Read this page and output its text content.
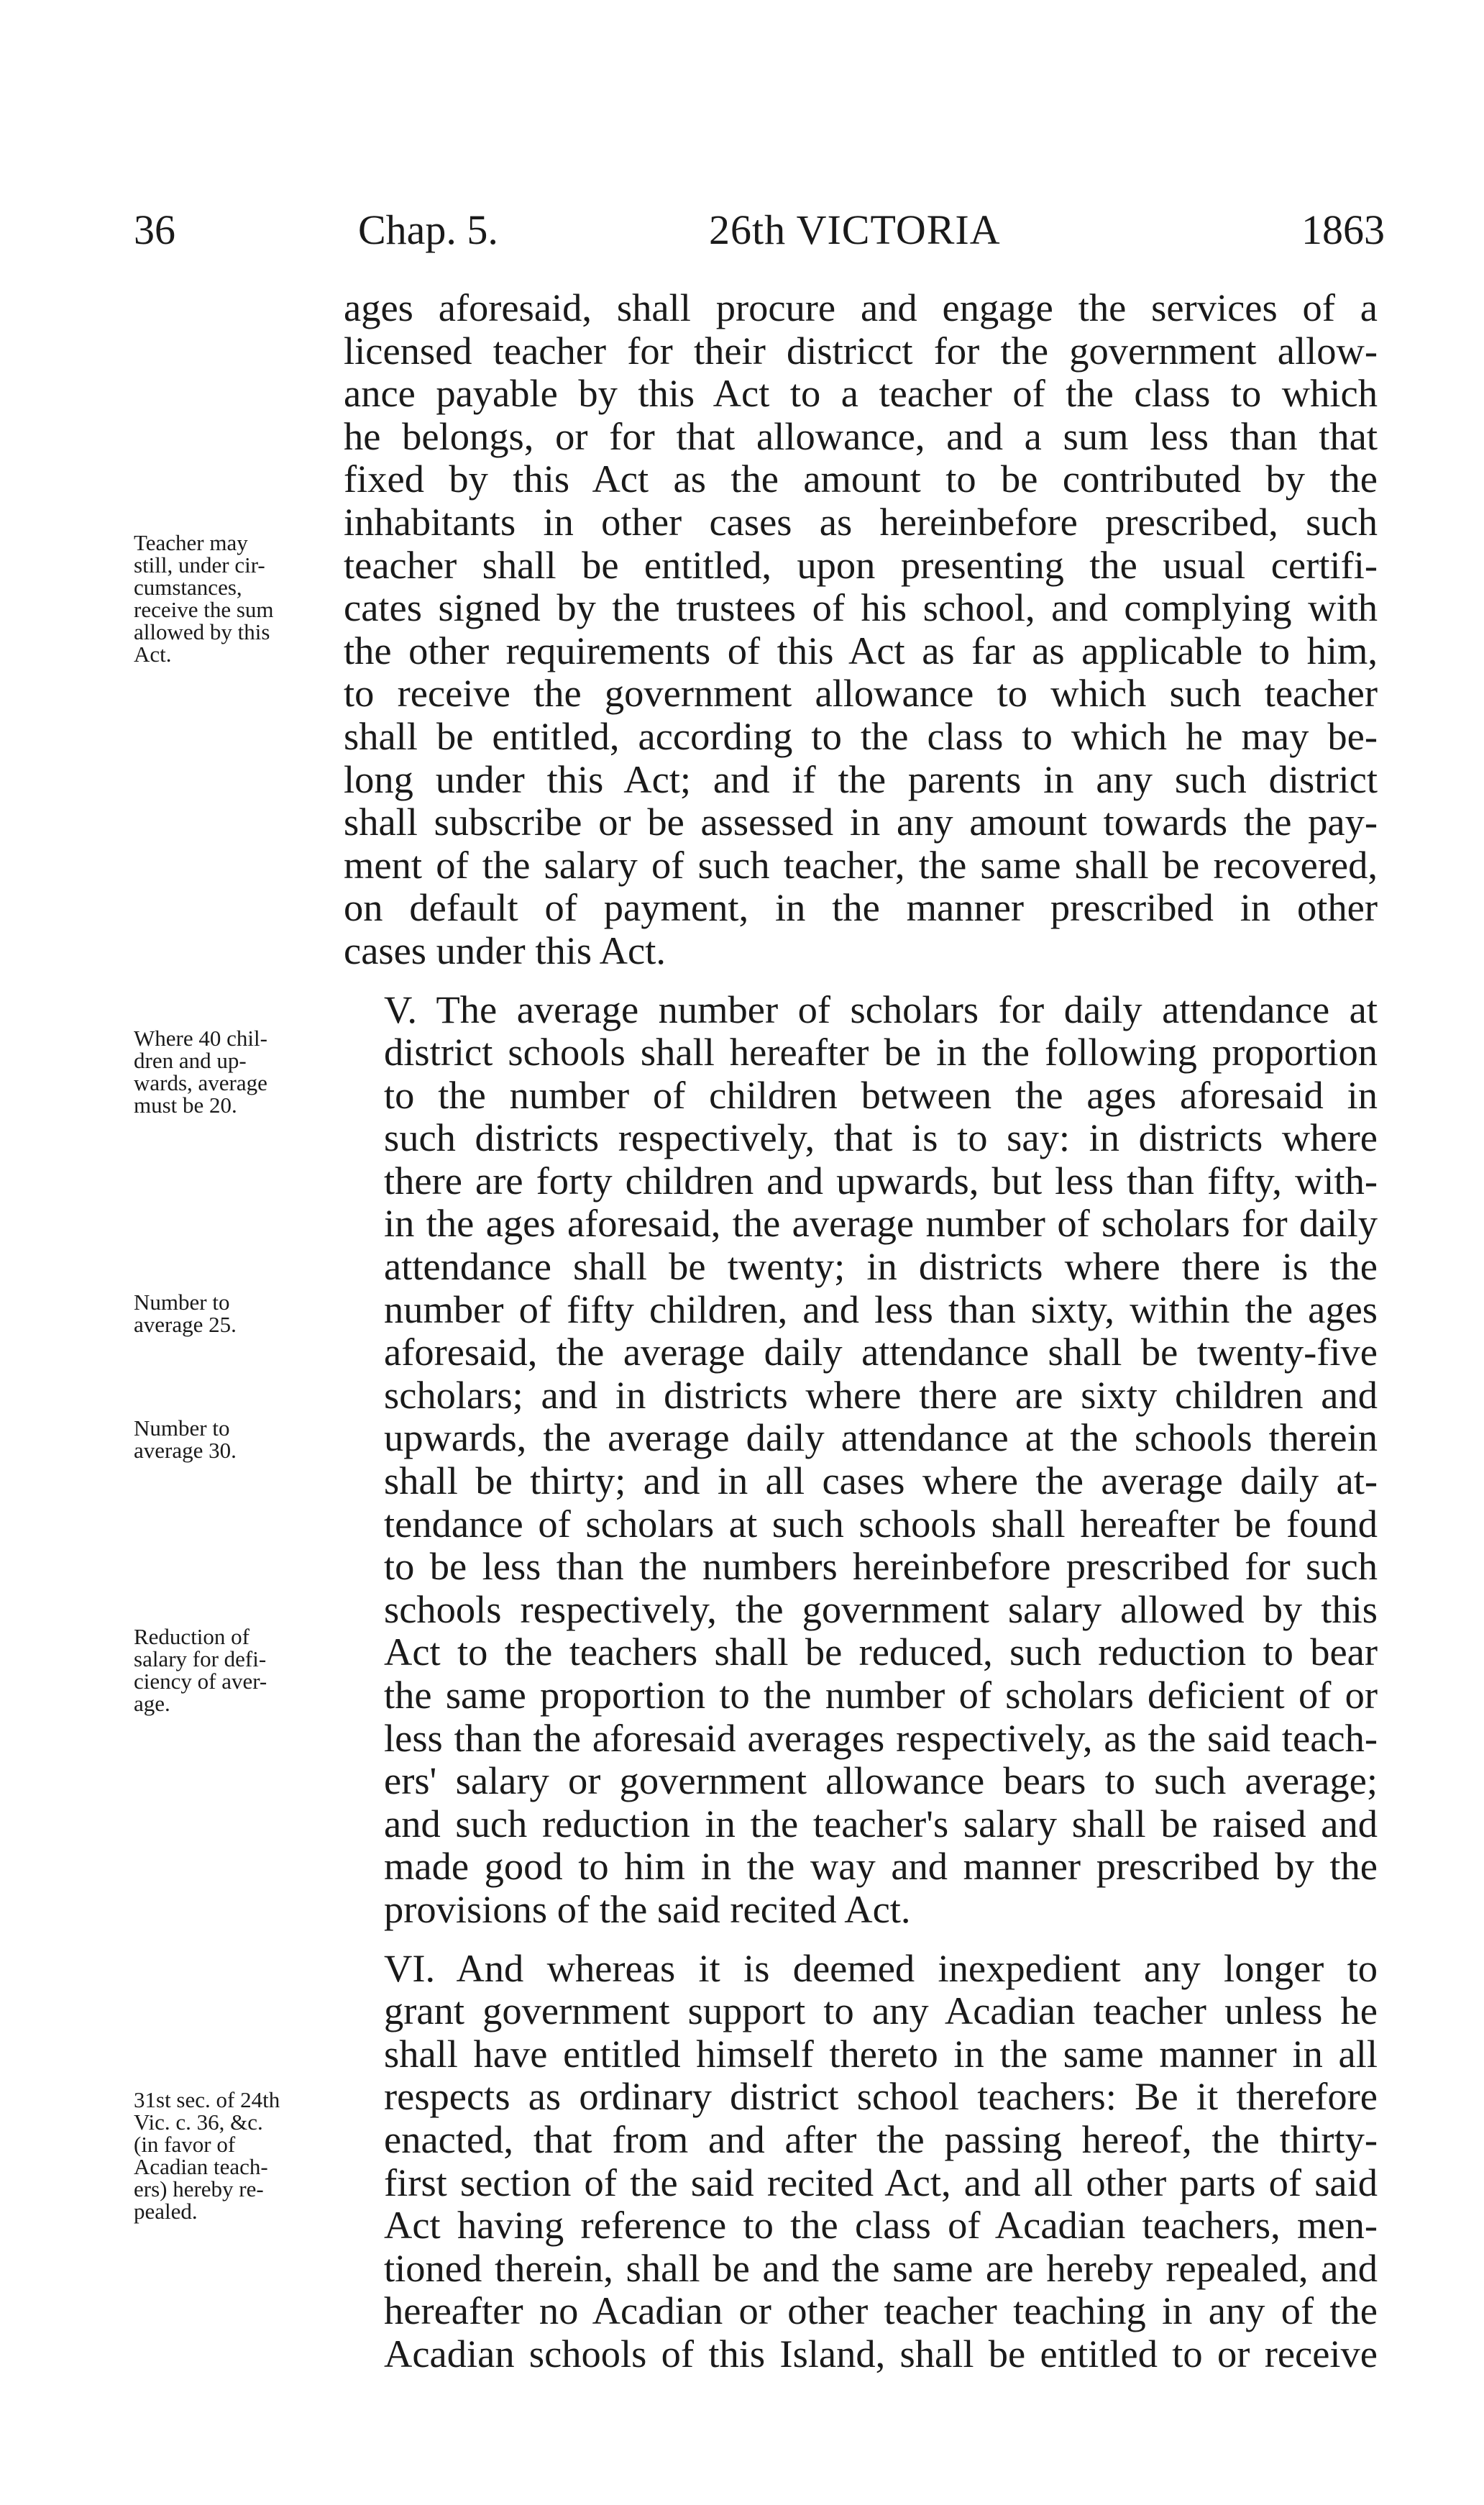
36	Chap. 5.	26th VICTORIA	1863
Teacher may
still, under cir-
cumstances,
receive the sum
allowed by this
Act.
Where 40 chil-
dren and up-
wards, average
must be 20.
Number to
average 25.
Number to
average 30.
Reduction of
salary for defi-
ciency of aver-
age.
31st sec. of 24th
Vic. c. 36, &c.
(in favor of
Acadian teach-
ers) hereby re-
pealed.

ages aforesaid, shall procure and engage the services of a
licensed teacher for their districct for the government allow-
ance payable by this Act to a teacher of the class to which
he belongs, or for that allowance, and a sum less than that
fixed by this Act as the amount to be contributed by the
inhabitants in other cases as hereinbefore prescribed, such
teacher shall be entitled, upon presenting the usual certifi-
cates signed by the trustees of his school, and complying with
the other requirements of this Act as far as applicable to him,
to receive the government allowance to which such teacher
shall be entitled, according to the class to which he may be-
long under this Act; and if the parents in any such district
shall subscribe or be assessed in any amount towards the pay-
ment of the salary of such teacher, the same shall be recovered,
on default of payment, in the manner prescribed in other
cases under this Act.

V. The average number of scholars for daily attendance at
district schools shall hereafter be in the following proportion
to the number of children between the ages aforesaid in
such districts respectively, that is to say: in districts where
there are forty children and upwards, but less than fifty, with-
in the ages aforesaid, the average number of scholars for daily
attendance shall be twenty; in districts where there is the
number of fifty children, and less than sixty, within the ages
aforesaid, the average daily attendance shall be twenty-five
scholars; and in districts where there are sixty children and
upwards, the average daily attendance at the schools therein
shall be thirty; and in all cases where the average daily at-
tendance of scholars at such schools shall hereafter be found
to be less than the numbers hereinbefore prescribed for such
schools respectively, the government salary allowed by this
Act to the teachers shall be reduced, such reduction to bear
the same proportion to the number of scholars deficient of or
less than the aforesaid averages respectively, as the said teach-
ers' salary or government allowance bears to such average;
and such reduction in the teacher's salary shall be raised and
made good to him in the way and manner prescribed by the
provisions of the said recited Act.

VI. And whereas it is deemed inexpedient any longer to
grant government support to any Acadian teacher unless he
shall have entitled himself thereto in the same manner in all
respects as ordinary district school teachers: Be it therefore
enacted, that from and after the passing hereof, the thirty-
first section of the said recited Act, and all other parts of said
Act having reference to the class of Acadian teachers, men-
tioned therein, shall be and the same are hereby repealed, and
hereafter no Acadian or other teacher teaching in any of the
Acadian schools of this Island, shall be entitled to or receive
